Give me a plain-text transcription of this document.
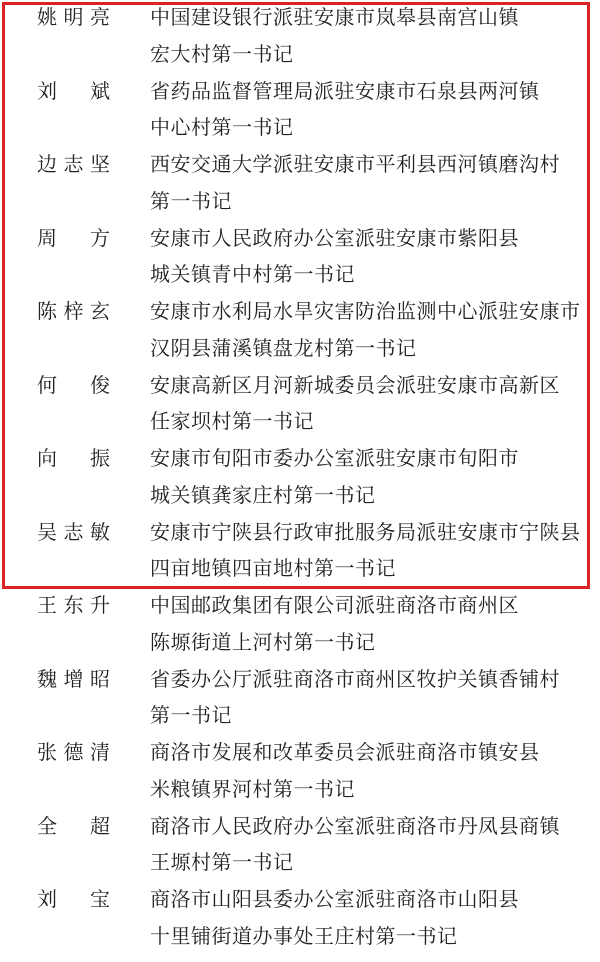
姚明亮 中国建设银行派驻安康市岚皋县南宫山镇
宏大村第一书记
刘　斌 省药品监督管理局派驻安康市石泉县两河镇
中心村第一书记
边志坚 西安交通大学派驻安康市平利县西河镇磨沟村
第一书记
周　方 安康市人民政府办公室派驻安康市紫阳县
城关镇青中村第一书记
陈梓玄 安康市水利局水旱灾害防治监测中心派驻安康市
汉阴县蒲溪镇盘龙村第一书记
何　俊 安康高新区月河新城委员会派驻安康市高新区
任家坝村第一书记
向　振 安康市旬阳市委办公室派驻安康市旬阳市
城关镇龚家庄村第一书记
吴志敏 安康市宁陕县行政审批服务局派驻安康市宁陕县
四亩地镇四亩地村第一书记
王东升 中国邮政集团有限公司派驻商洛市商州区
陈塬街道上河村第一书记
魏增昭 省委办公厅派驻商洛市商州区牧护关镇香铺村
第一书记
张德清 商洛市发展和改革委员会派驻商洛市镇安县
米粮镇界河村第一书记
全　超 商洛市人民政府办公室派驻商洛市丹凤县商镇
王塬村第一书记
刘　宝 商洛市山阳县委办公室派驻商洛市山阳县
十里铺街道办事处王庄村第一书记
